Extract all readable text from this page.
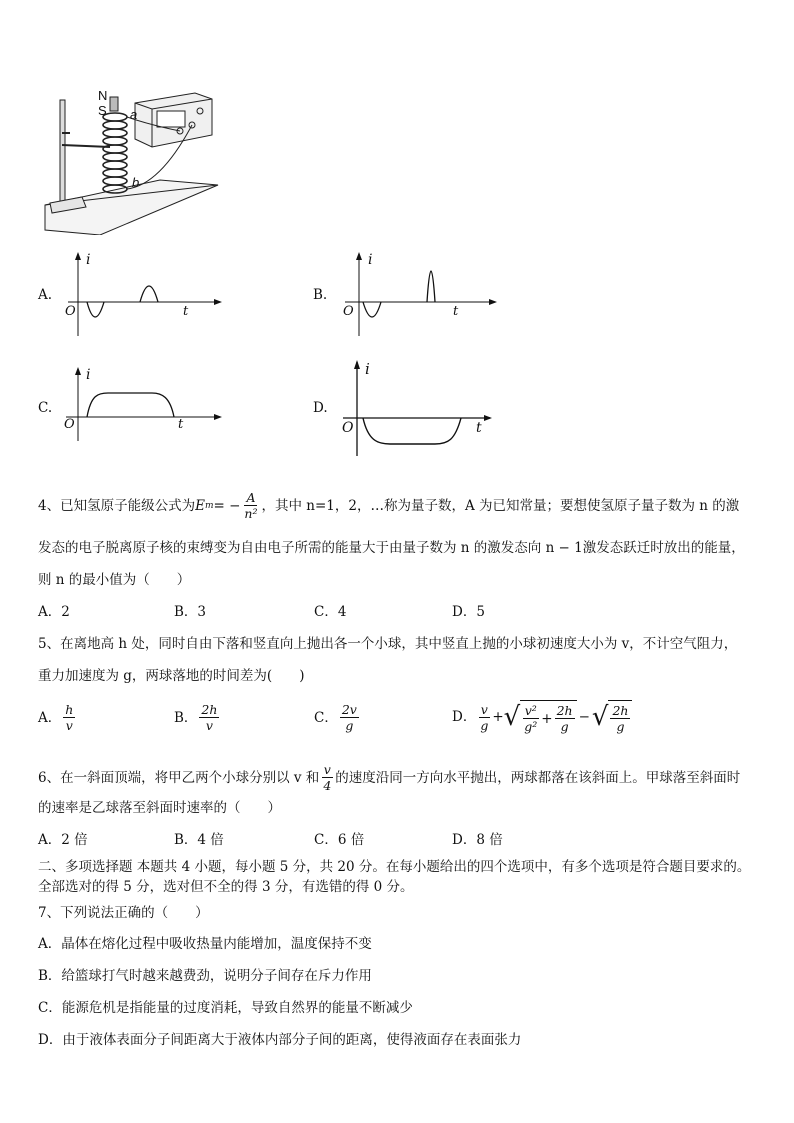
N
S a
b
A.
i
O	t
B.
i
O	t
C.
i
O	t
D.
i
O	t
4、已知氢原子能级公式为 E m = − $\frac{A}{\text{n²}}$ ，其中 n=1，2，…称为量子数，A 为已知常量；要想使氢原子量子数为 n 的激
发态的电子脱离原子核的束缚变为自由电子所需的能量大于由量子数为 n 的激发态向 n − 1激发态跃迁时放出的能量，
则 n 的最小值为（　　）
A．2	B．3	C．4	D．5
5、在离地高 h 处，同时自由下落和竖直向上抛出各一个小球，其中竖直上抛的小球初速度大小为 v，不计空气阻力，
重力加速度为 g，两球落地的时间差为(　　)
A． $\frac{h}{v}$	B． $\frac{2h}{v}$	C． $\frac{2v}{g}$	D． $\frac{v}{g}$ + √ $\frac{\text{v²}}{\text{g²}} + \frac{2h}{g}$ − √ $\frac{2h}{g}$
6、在一斜面顶端，将甲乙两个小球分别以 v 和 $\frac{v}{4}$ 的速度沿同一方向水平抛出，两球都落在该斜面上。甲球落至斜面时
的速率是乙球落至斜面时速率的（　　）
A．2 倍	B．4 倍	C．6 倍	D．8 倍
二、多项选择题 本题共 4 小题，每小题 5 分，共 20 分。在每小题给出的四个选项中，有多个选项是符合题目要求的。
全部选对的得 5 分，选对但不全的得 3 分，有选错的得 0 分。
7、下列说法正确的（　　）
A．晶体在熔化过程中吸收热量内能增加，温度保持不变
B．给篮球打气时越来越费劲，说明分子间存在斥力作用
C．能源危机是指能量的过度消耗，导致自然界的能量不断减少
D．由于液体表面分子间距离大于液体内部分子间的距离，使得液面存在表面张力
